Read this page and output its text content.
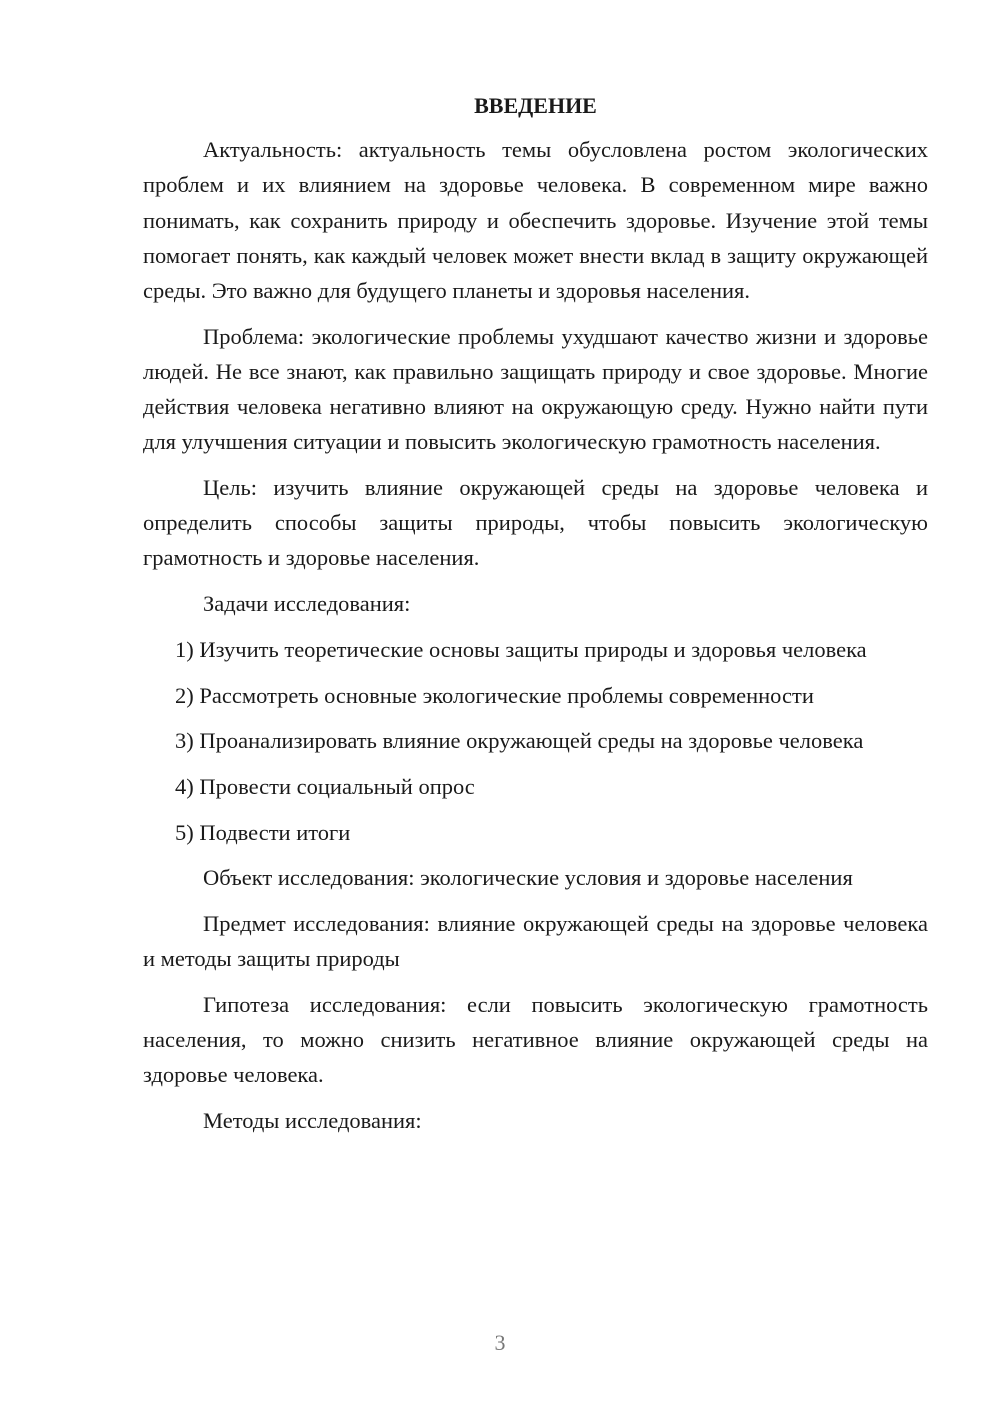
ВВЕДЕНИЕ

Актуальность: актуальность темы обусловлена ростом экологических проблем и их влиянием на здоровье человека. В современном мире важно понимать, как сохранить природу и обеспечить здоровье. Изучение этой темы помогает понять, как каждый человек может внести вклад в защиту окружающей среды. Это важно для будущего планеты и здоровья населения.

Проблема: экологические проблемы ухудшают качество жизни и здоровье людей. Не все знают, как правильно защищать природу и свое здоровье. Многие действия человека негативно влияют на окружающую среду. Нужно найти пути для улучшения ситуации и повысить экологическую грамотность населения.

Цель: изучить влияние окружающей среды на здоровье человека и определить способы защиты природы, чтобы повысить экологическую грамотность и здоровье населения.

Задачи исследования:

1) Изучить теоретические основы защиты природы и здоровья человека

2) Рассмотреть основные экологические проблемы современности

3) Проанализировать влияние окружающей среды на здоровье человека

4) Провести социальный опрос

5) Подвести итоги

Объект исследования: экологические условия и здоровье населения

Предмет исследования: влияние окружающей среды на здоровье человека и методы защиты природы

Гипотеза исследования: если повысить экологическую грамотность населения, то можно снизить негативное влияние окружающей среды на здоровье человека.

Методы исследования:

3
